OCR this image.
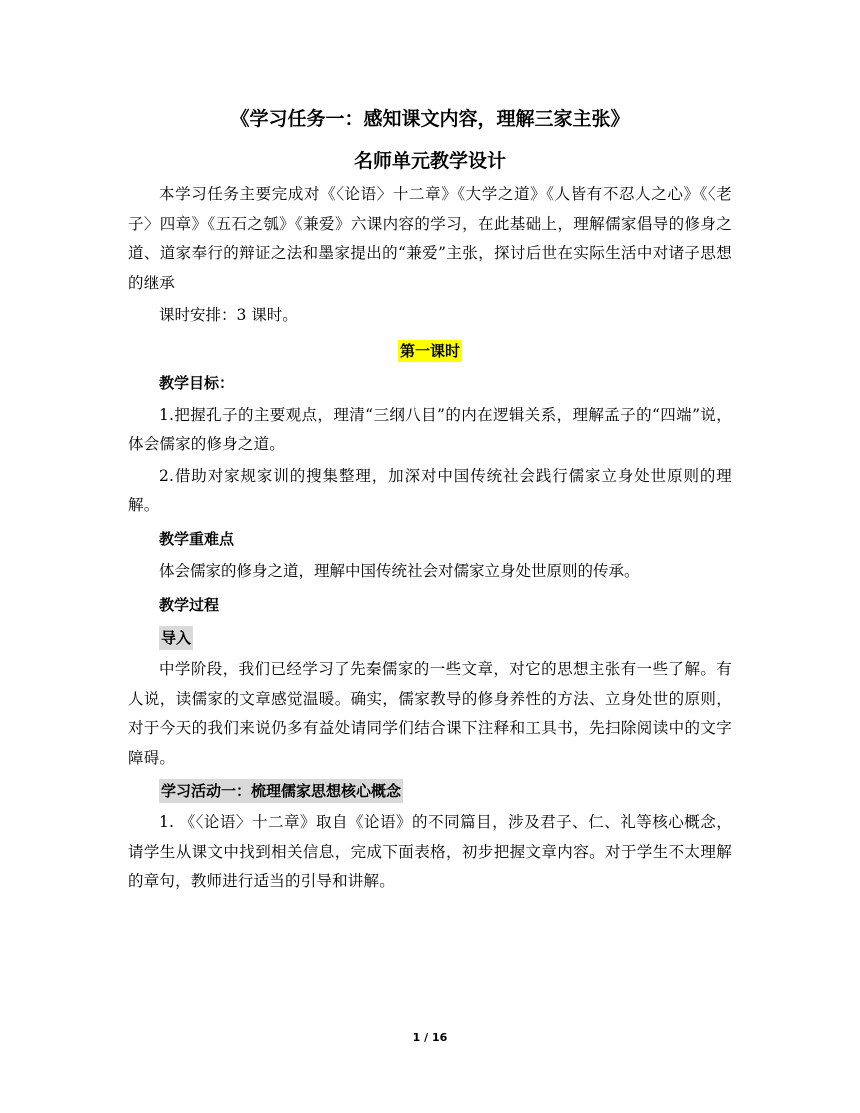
《学习任务一：感知课文内容，理解三家主张》
名师单元教学设计

本学习任务主要完成对《〈论语〉十二章》《大学之道》《人皆有不忍人之心》《〈老子〉四章》《五石之瓠》《兼爱》六课内容的学习，在此基础上，理解儒家倡导的修身之道、道家奉行的辩证之法和墨家提出的“兼爱”主张，探讨后世在实际生活中对诸子思想的继承

课时安排：3 课时。

第一课时

教学目标：

1.把握孔子的主要观点，理清“三纲八目”的内在逻辑关系，理解孟子的“四端”说，体会儒家的修身之道。

2.借助对家规家训的搜集整理，加深对中国传统社会践行儒家立身处世原则的理解。

教学重难点

体会儒家的修身之道，理解中国传统社会对儒家立身处世原则的传承。

教学过程

导入

中学阶段，我们已经学习了先秦儒家的一些文章，对它的思想主张有一些了解。有人说，读儒家的文章感觉温暖。确实，儒家教导的修身养性的方法、立身处世的原则，对于今天的我们来说仍多有益处请同学们结合课下注释和工具书，先扫除阅读中的文字障碍。

学习活动一：梳理儒家思想核心概念

1. 《〈论语〉十二章》取自《论语》的不同篇目，涉及君子、仁、礼等核心概念，请学生从课文中找到相关信息，完成下面表格，初步把握文章内容。对于学生不太理解的章句，教师进行适当的引导和讲解。

1 / 16
